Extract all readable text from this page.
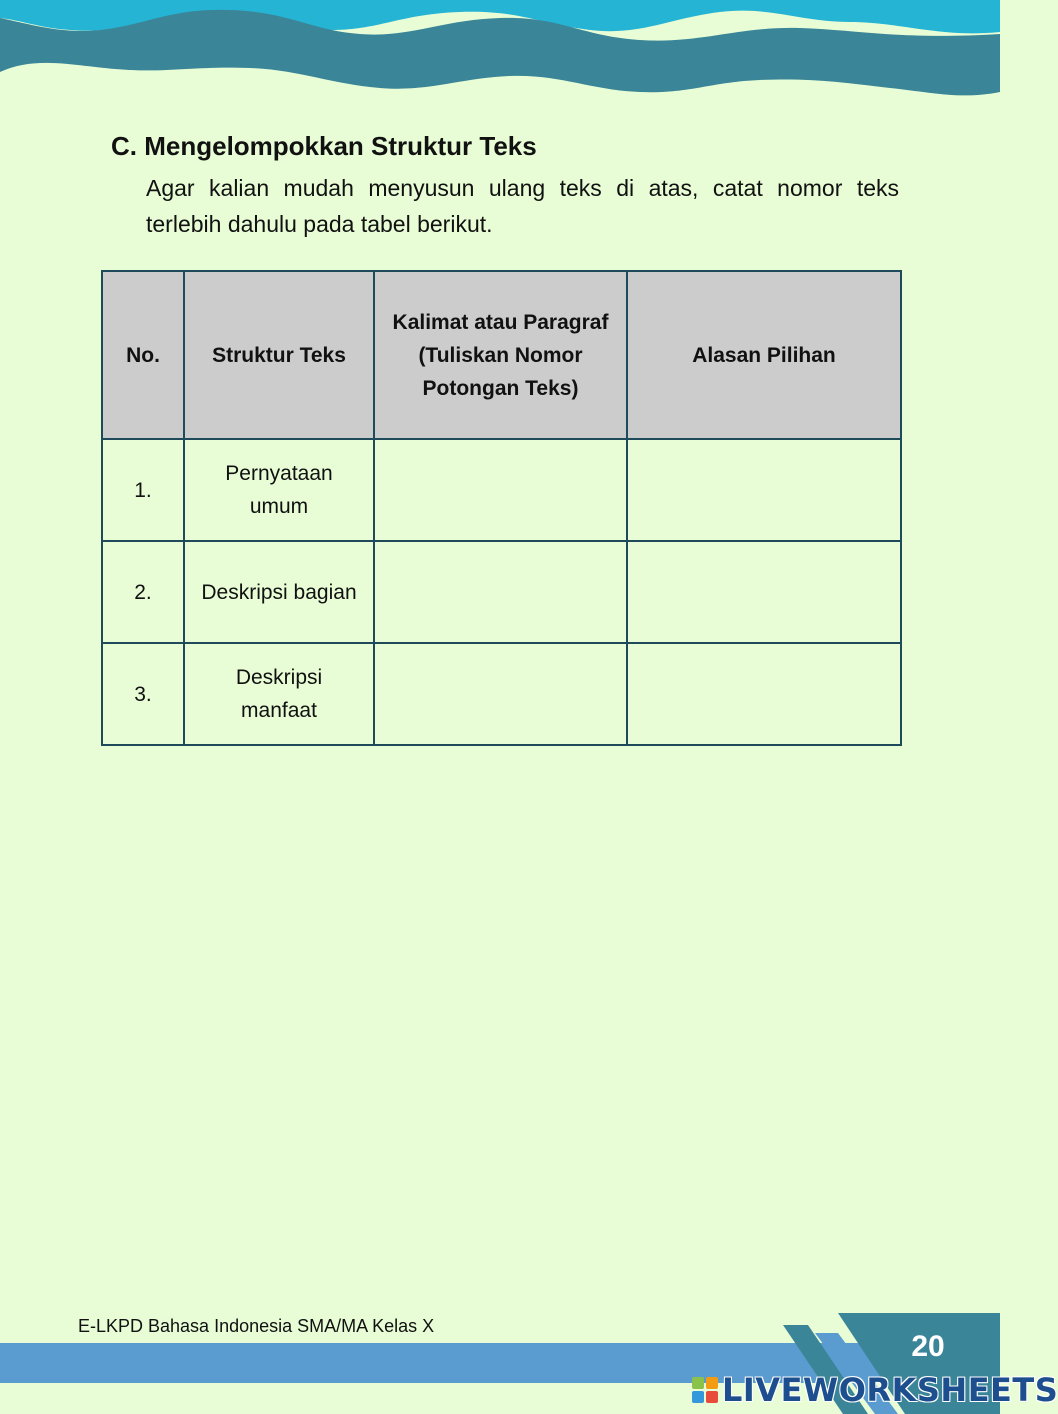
C. Mengelompokkan Struktur Teks

Agar kalian mudah menyusun ulang teks di atas, catat nomor teks terlebih dahulu pada tabel berikut.

No.	Struktur Teks	Kalimat atau Paragraf (Tuliskan Nomor Potongan Teks)	Alasan Pilihan
1.	Pernyataan umum		
2.	Deskripsi bagian		
3.	Deskripsi manfaat		
E-LKPD Bahasa Indonesia SMA/MA Kelas X
20
LIVEWORKSHEETS
